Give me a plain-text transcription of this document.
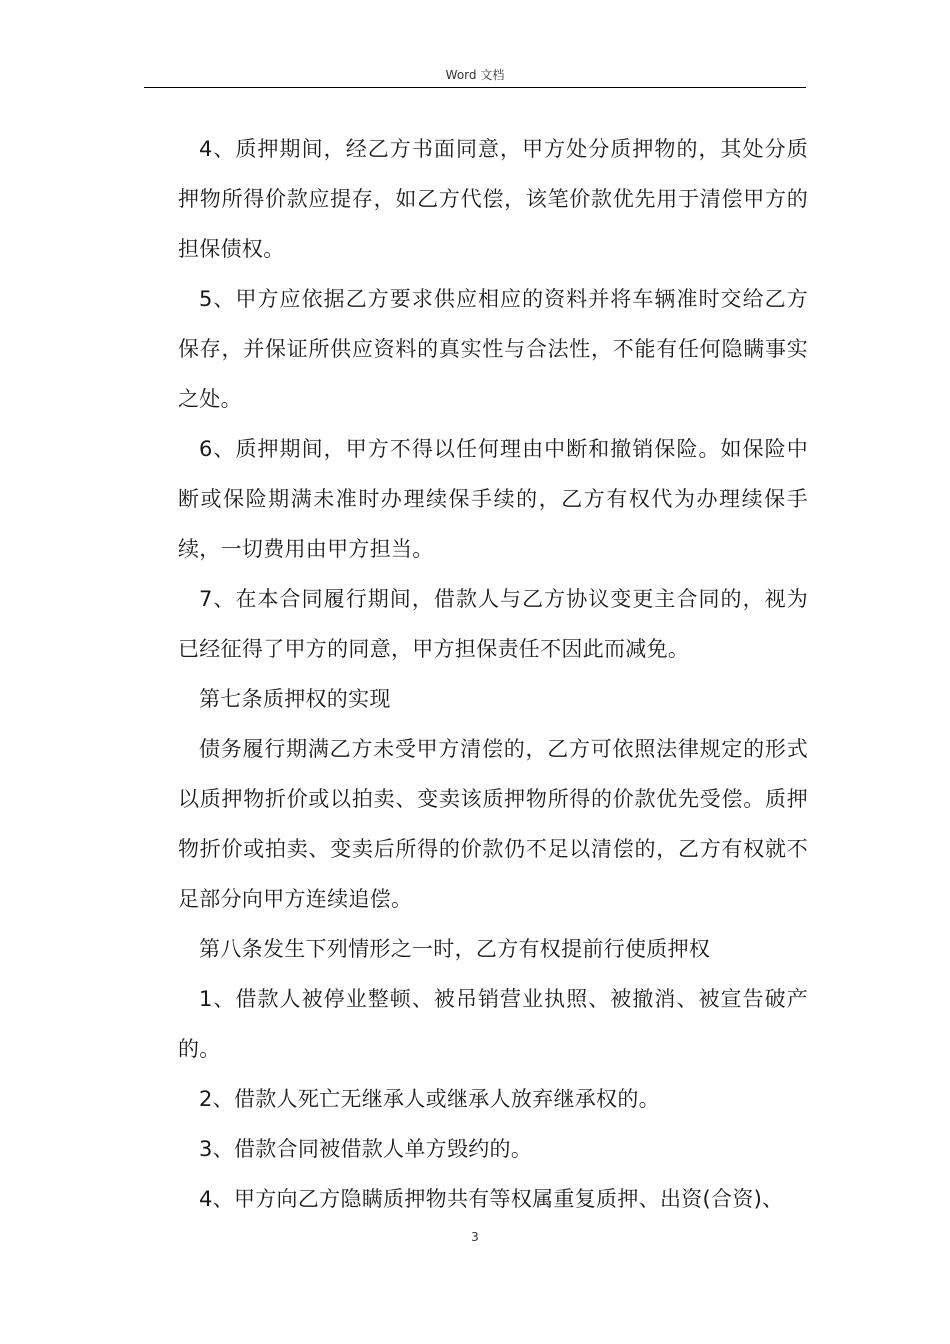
Word 文档

4、质押期间，经乙方书面同意，甲方处分质押物的，其处分质押物所得价款应提存，如乙方代偿，该笔价款优先用于清偿甲方的担保债权。

5、甲方应依据乙方要求供应相应的资料并将车辆准时交给乙方保存，并保证所供应资料的真实性与合法性，不能有任何隐瞒事实之处。

6、质押期间，甲方不得以任何理由中断和撤销保险。如保险中断或保险期满未准时办理续保手续的，乙方有权代为办理续保手续，一切费用由甲方担当。

7、在本合同履行期间，借款人与乙方协议变更主合同的，视为已经征得了甲方的同意，甲方担保责任不因此而减免。

第七条质押权的实现

债务履行期满乙方未受甲方清偿的，乙方可依照法律规定的形式以质押物折价或以拍卖、变卖该质押物所得的价款优先受偿。质押物折价或拍卖、变卖后所得的价款仍不足以清偿的，乙方有权就不足部分向甲方连续追偿。

第八条发生下列情形之一时，乙方有权提前行使质押权

1、借款人被停业整顿、被吊销营业执照、被撤消、被宣告破产的。

2、借款人死亡无继承人或继承人放弃继承权的。

3、借款合同被借款人单方毁约的。

4、甲方向乙方隐瞒质押物共有等权属重复质押、出资(合资)、

3
